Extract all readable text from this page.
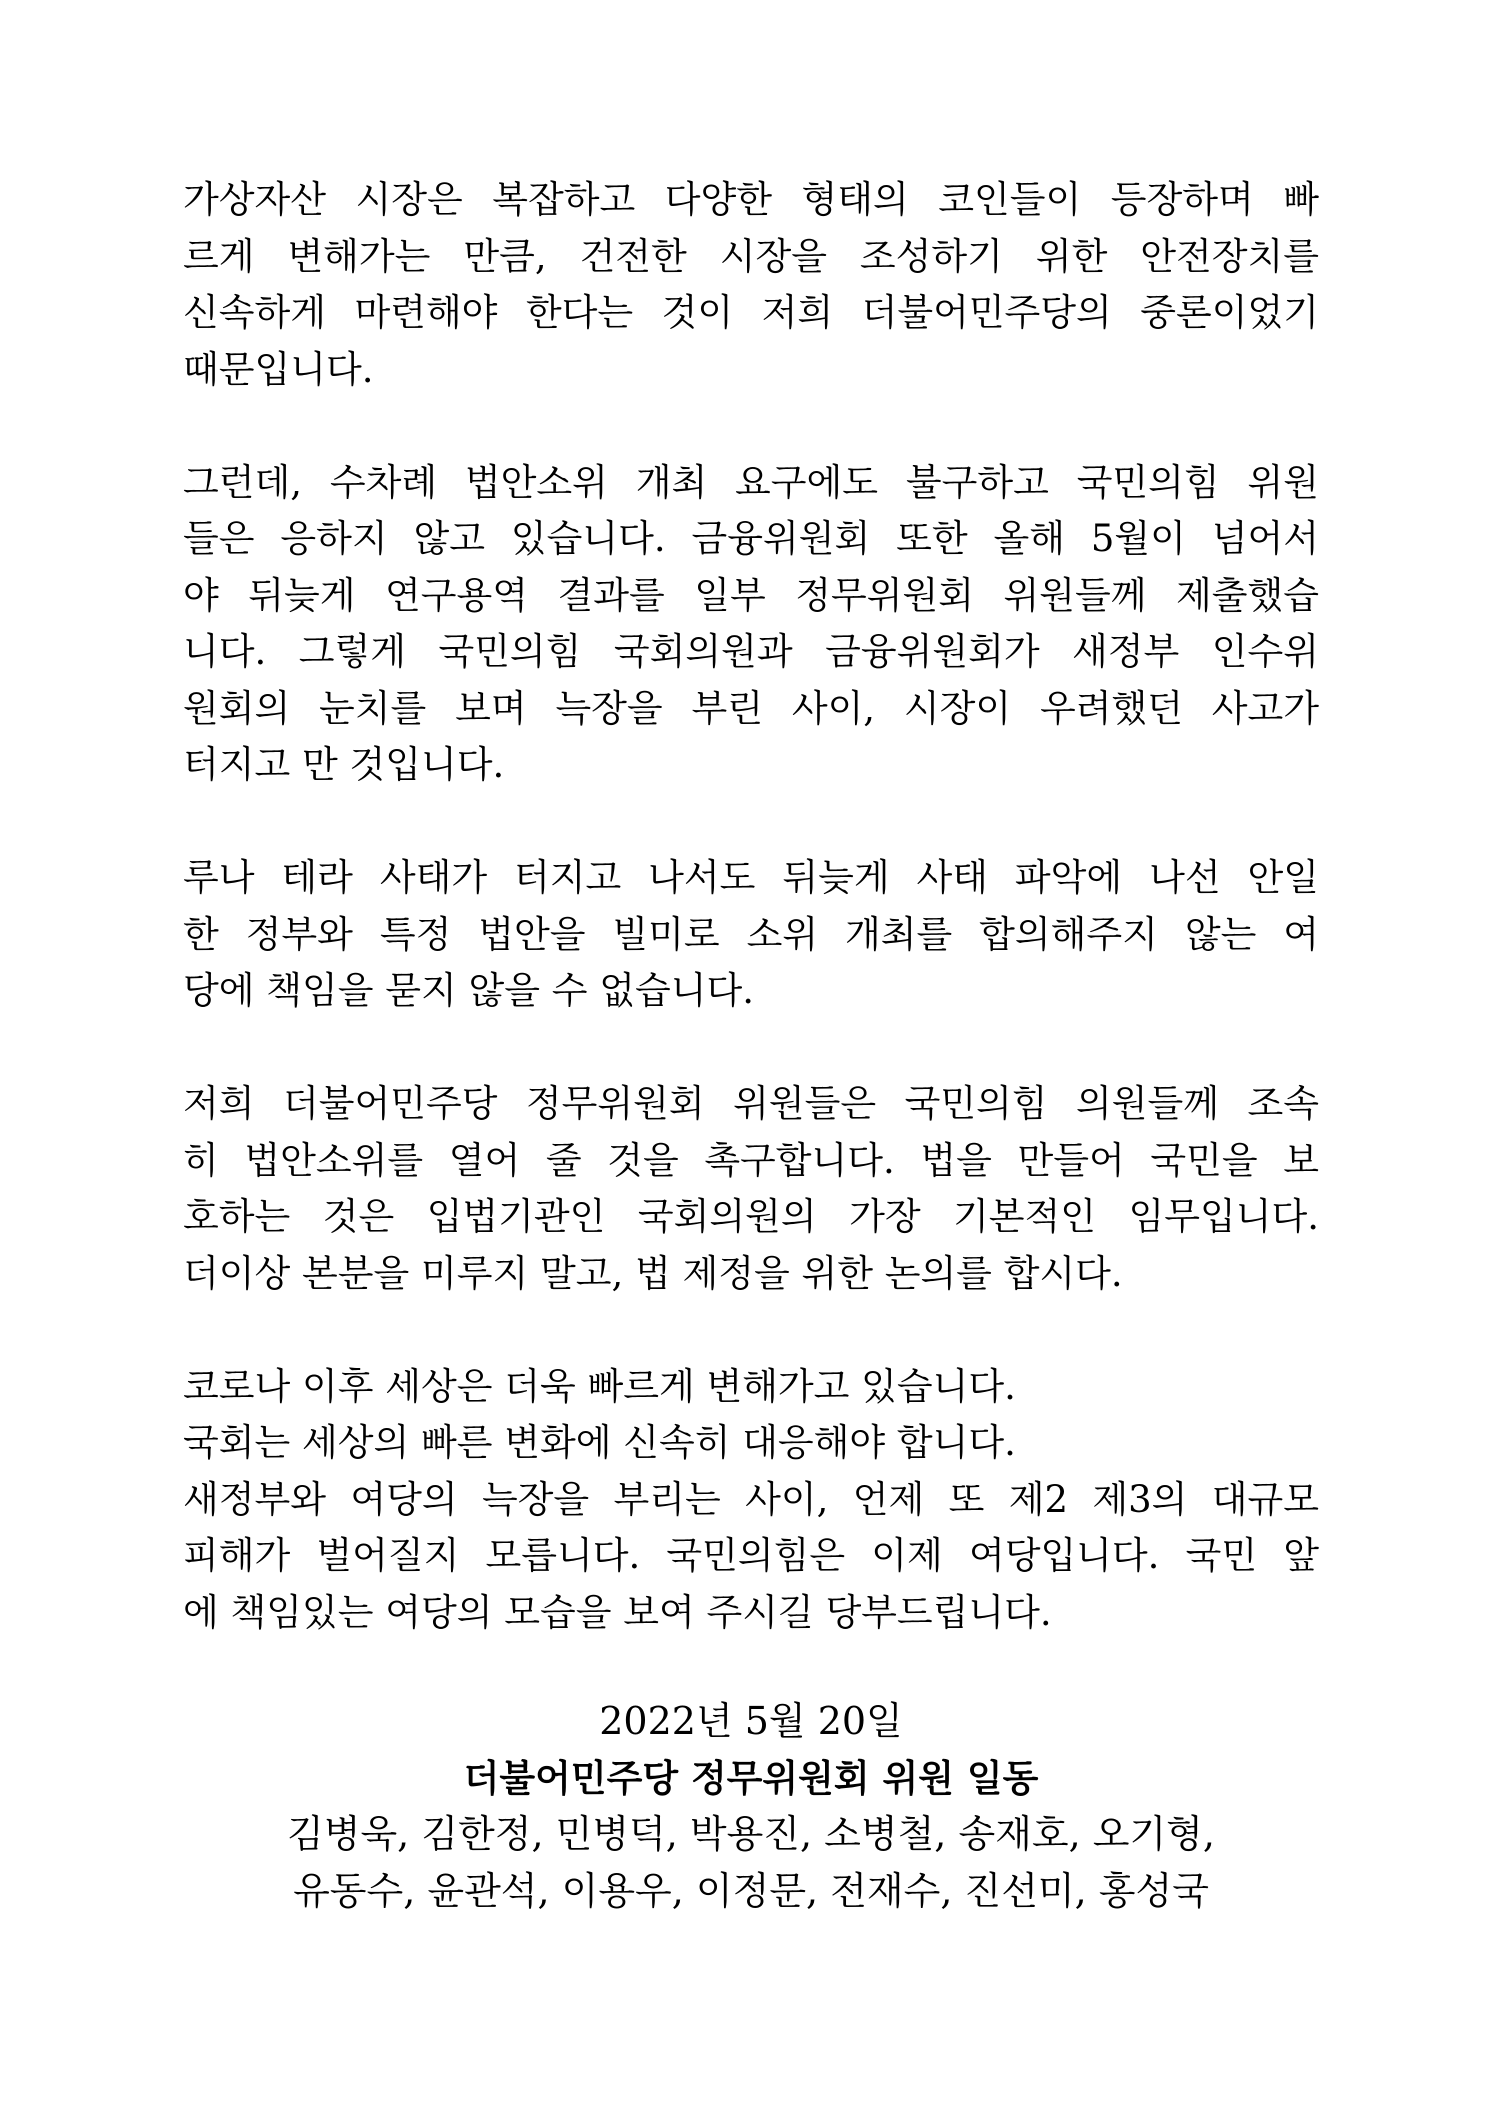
가상자산 시장은 복잡하고 다양한 형태의 코인들이 등장하며 빠
르게 변해가는 만큼, 건전한 시장을 조성하기 위한 안전장치를
신속하게 마련해야 한다는 것이 저희 더불어민주당의 중론이었기
때문입니다.
그런데, 수차례 법안소위 개최 요구에도 불구하고 국민의힘 위원
들은 응하지 않고 있습니다. 금융위원회 또한 올해 5월이 넘어서
야 뒤늦게 연구용역 결과를 일부 정무위원회 위원들께 제출했습
니다. 그렇게 국민의힘 국회의원과 금융위원회가 새정부 인수위
원회의 눈치를 보며 늑장을 부린 사이, 시장이 우려했던 사고가
터지고 만 것입니다.
루나 테라 사태가 터지고 나서도 뒤늦게 사태 파악에 나선 안일
한 정부와 특정 법안을 빌미로 소위 개최를 합의해주지 않는 여
당에 책임을 묻지 않을 수 없습니다.
저희 더불어민주당 정무위원회 위원들은 국민의힘 의원들께 조속
히 법안소위를 열어 줄 것을 촉구합니다. 법을 만들어 국민을 보
호하는 것은 입법기관인 국회의원의 가장 기본적인 임무입니다.
더이상 본분을 미루지 말고, 법 제정을 위한 논의를 합시다.
코로나 이후 세상은 더욱 빠르게 변해가고 있습니다.
국회는 세상의 빠른 변화에 신속히 대응해야 합니다.
새정부와 여당의 늑장을 부리는 사이, 언제 또 제2 제3의 대규모
피해가 벌어질지 모릅니다. 국민의힘은 이제 여당입니다. 국민 앞
에 책임있는 여당의 모습을 보여 주시길 당부드립니다.
2022년 5월 20일
더불어민주당 정무위원회 위원 일동
김병욱, 김한정, 민병덕, 박용진, 소병철, 송재호, 오기형,
유동수, 윤관석, 이용우, 이정문, 전재수, 진선미, 홍성국
